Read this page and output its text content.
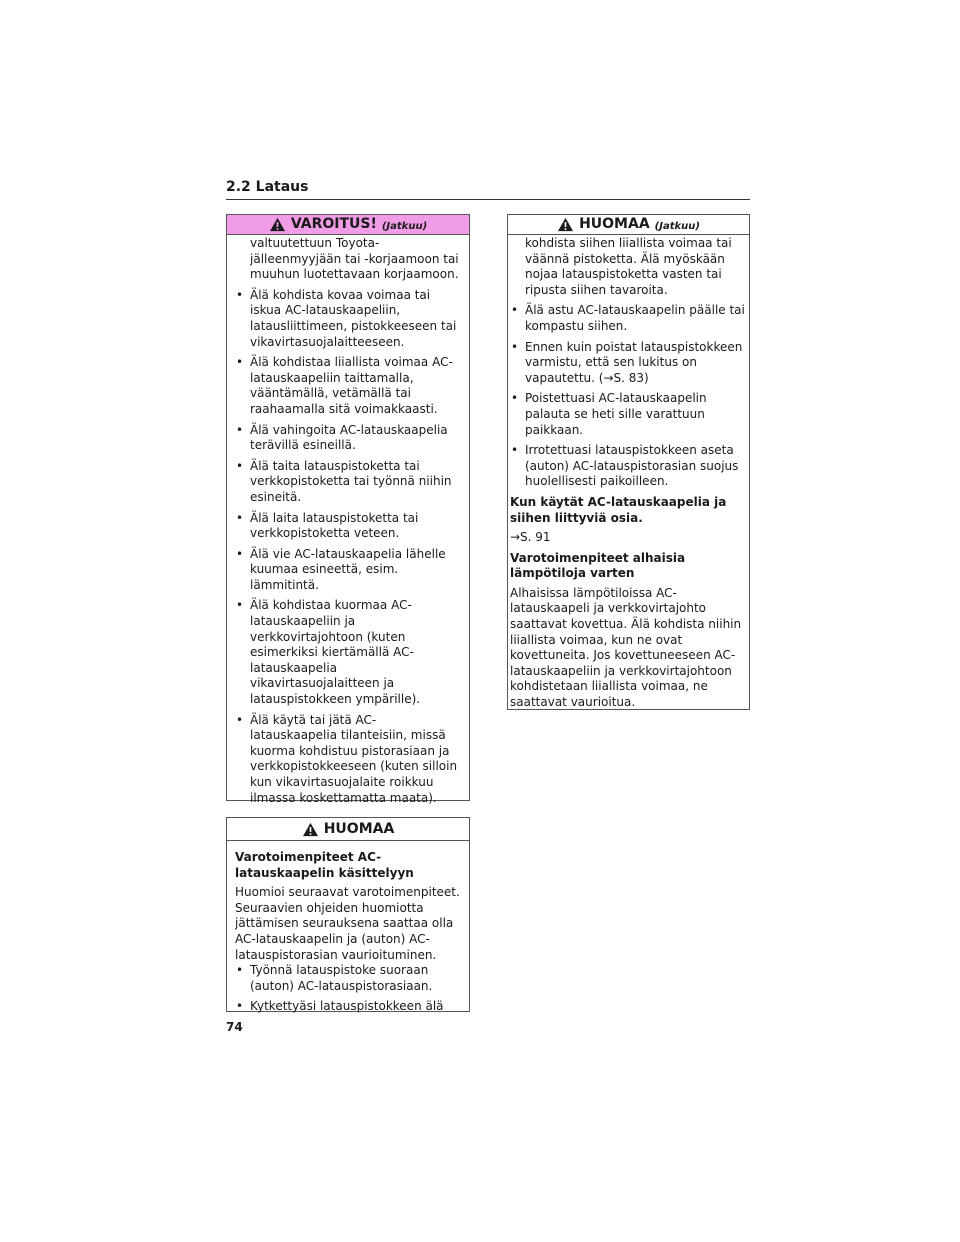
2.2 Lataus
VAROITUS! (Jatkuu)

valtuutettuun Toyota-jälleenmyyjään tai -korjaamoon tai muuhun luotettavaan korjaamoon.

• Älä kohdista kovaa voimaa tai iskua AC-latauskaapeliin, latausliittimeen, pistokkeeseen tai vikavirtasuojalaitteeseen.
• Älä kohdistaa liiallista voimaa AC-latauskaapeliin taittamalla, vääntämällä, vetämällä tai raahaamalla sitä voimakkaasti.
• Älä vahingoita AC-latauskaapelia terävillä esineillä.
• Älä taita latauspistoketta tai verkkopistoketta tai työnnä niihin esineitä.
• Älä laita latauspistoketta tai verkkopistoketta veteen.
• Älä vie AC-latauskaapelia lähelle kuumaa esineettä, esim. lämmitintä.
• Älä kohdistaa kuormaa AC-latauskaapeliin ja verkkovirtajohtoon (kuten esimerkiksi kiertämällä AC-latauskaapelia vikavirtasuojalaitteen ja latauspistokkeen ympärille).
• Älä käytä tai jätä AC-latauskaapelia tilanteisiin, missä kuorma kohdistuu pistorasiaan ja verkkopistokkeeseen (kuten silloin kun vikavirtasuojalaite roikkuu ilmassa koskettamatta maata).
HUOMAA
Varotoimenpiteet AC-latauskaapelin käsittelyyn
Huomioi seuraavat varotoimenpiteet. Seuraavien ohjeiden huomiotta jättämisen seurauksena saattaa olla AC-latauskaapelin ja (auton) AC-latauspistorasian vaurioituminen.
• Työnnä latauspistoke suoraan (auton) AC-latauspistorasiaan.
• Kytkettyäsi latauspistokkeen älä
HUOMAA (Jatkuu)

kohdista siihen liiallista voimaa tai väännä pistoketta. Älä myöskään nojaa latauspistoketta vasten tai ripusta siihen tavaroita.

• Älä astu AC-latauskaapelin päälle tai kompastu siihen.
• Ennen kuin poistat latauspistokkeen varmistu, että sen lukitus on vapautettu. (→S. 83)
• Poistettuasi AC-latauskaapelin palauta se heti sille varattuun paikkaan.
• Irrotettuasi latauspistokkeen aseta (auton) AC-latauspistorasian suojus huolellisesti paikoilleen.
Kun käytät AC-latauskaapelia ja siihen liittyviä osia.
→S. 91
Varotoimenpiteet alhaisia lämpötiloja varten
Alhaisissa lämpötiloissa AC-latauskaapeli ja verkkovirtajohto saattavat kovettua. Älä kohdista niihin liiallista voimaa, kun ne ovat kovettuneita. Jos kovettuneeseen AC-latauskaapeliin ja verkkovirtajohtoon kohdistetaan liiallista voimaa, ne saattavat vaurioitua.
74
